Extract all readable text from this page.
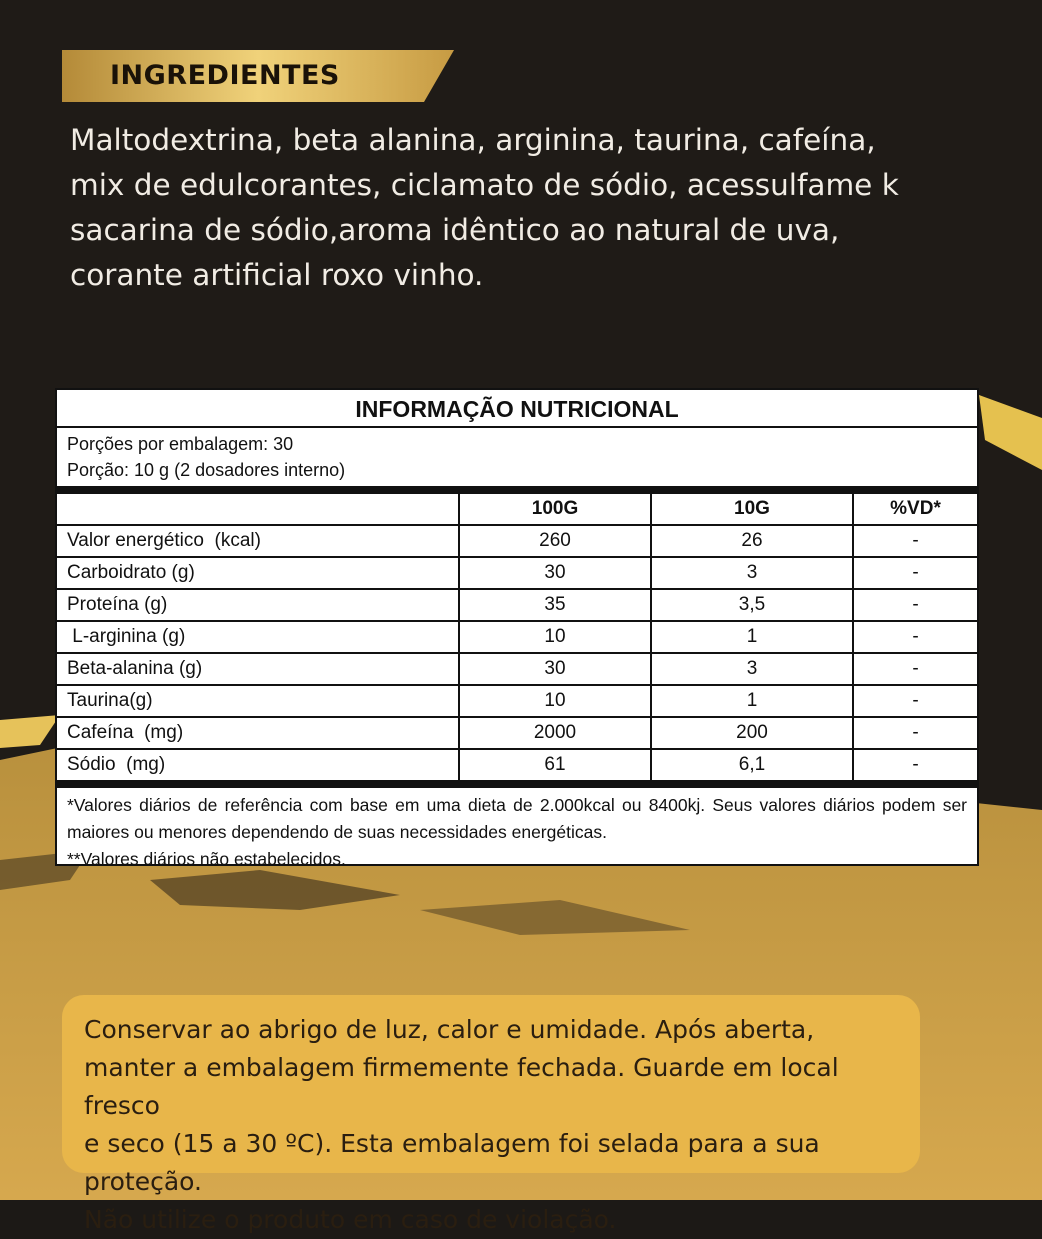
INGREDIENTES
Maltodextrina, beta alanina, arginina, taurina, cafeína,
mix de edulcorantes, ciclamato de sódio, acessulfame k
sacarina de sódio,aroma idêntico ao natural de uva,
corante artificial roxo vinho.
INFORMAÇÃO NUTRICIONAL
Porções por embalagem: 30
Porção: 10 g (2 dosadores interno)
	100G	10G	%VD*
Valor energético  (kcal)	260	26	-
Carboidrato (g)	30	3	-
Proteína (g)	35	3,5	-
L-arginina (g)	10	1	-
Beta-alanina (g)	30	3	-
Taurina(g)	10	1	-
Cafeína  (mg)	2000	200	-
Sódio  (mg)	61	6,1	-
*Valores diários de referência com base em uma dieta de 2.000kcal ou 8400kj. Seus valores diários podem ser maiores ou menores dependendo de suas necessidades energéticas.
**Valores diários não estabelecidos.
Conservar ao abrigo de luz, calor e umidade. Após aberta,
manter a embalagem firmemente fechada. Guarde em local fresco
e seco (15 a 30 ºC). Esta embalagem foi selada para a sua proteção.
Não utilize o produto em caso de violação.
